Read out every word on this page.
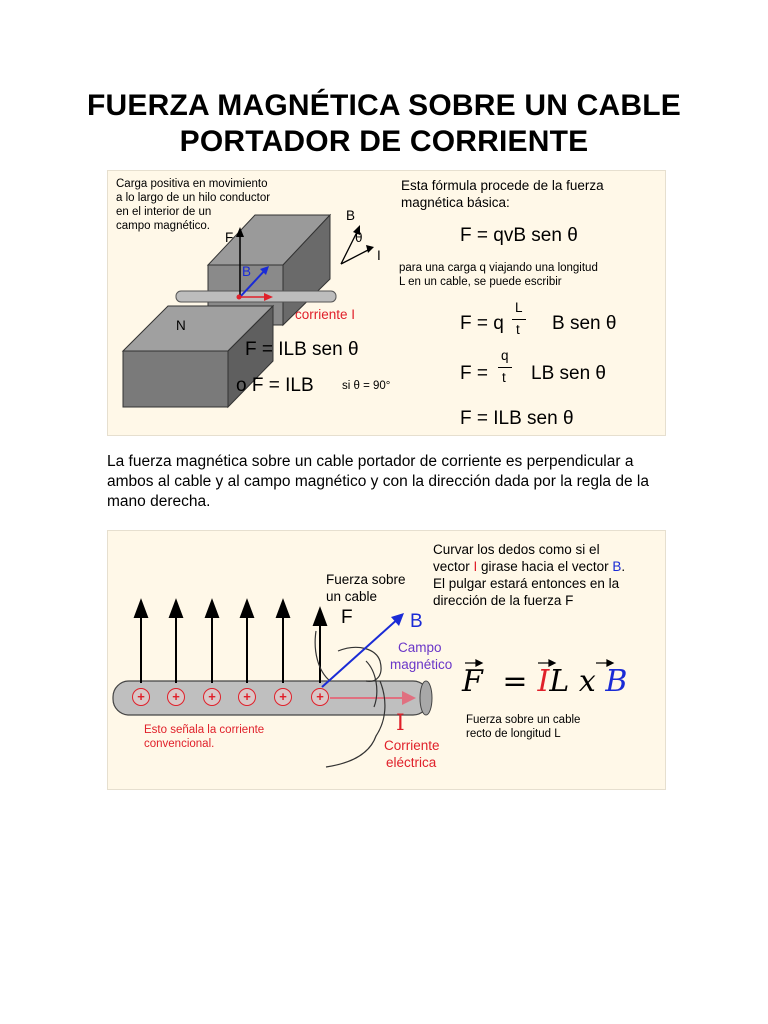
FUERZA MAGNÉTICA SOBRE UN CABLE
PORTADOR DE CORRIENTE
Carga positiva en movimiento
a lo largo de un hilo conductor
en el interior de un
campo magnético.
F
B
B
θ
I
N
corriente I
F = ILB sen θ
o F = ILB si θ = 90°
Esta fórmula procede de la fuerza
magnética básica:
F = qvB sen θ
para una carga q viajando una longitud
L en un cable, se puede escribir
F = q
L
t B sen θ
F =
q
t LB sen θ
F = ILB sen θ

La fuerza magnética sobre un cable portador de corriente es perpendicular a ambos al cable y al campo magnético y con la dirección dada por la regla de la mano derecha.

+	+	+	+	+	+
Curvar los dedos como si el
vector I girase hacia el vector B.
El pulgar estará entonces en la
dirección de la fuerza F
Fuerza sobre
un cable
F	B
Campo
magnético F = IL x B
Esto señala la corriente
convencional.
I
Corriente
eléctrica
Fuerza sobre un cable
recto de longitud L
